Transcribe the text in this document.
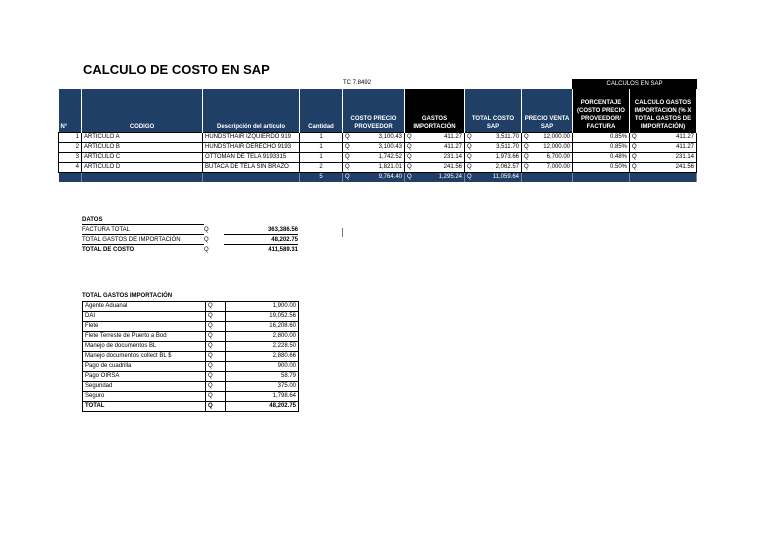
CALCULO DE COSTO EN SAP
TC 7.8492	CALCULOS EN SAP
N°	CODIGO	Descripción del artículo	Cantidad	COSTO PRECIO PROVEEDOR	GASTOS IMPORTACIÓN	TOTAL COSTO SAP	PRECIO VENTA SAP	PORCENTAJE (COSTO PRECIO PROVEEDOR/ FACTURA	CALCULO GASTOS IMPORTACION (% X TOTAL GASTOS DE IMPORTACIÓN)
1	ARTICULO A	HUNDSTHAIR IZQUIERDO 919	1	Q 3,100.43	Q 411.27	Q 3,511.70	Q 12,000.00	0.85%	Q 411.27

2	ARTICULO B	HUNDSTHAIR DERECHO 9193	1	Q 3,100.43	Q 411.27	Q 3,511.70	Q 12,000.00	0.85%	Q 411.27

3	ARTICULO C	OTTOMAN DE TELA 9193315	1	Q 1,742.52	Q 231.14	Q 1,973.66	Q 6,700.00	0.48%	Q 231.14

4	ARTICULO D	BUTACA DE TELA SIN BRAZO	2	Q 1,821.01	Q 241.56	Q 2,062.57	Q 7,000.00	0.50%	Q 241.56

			5	Q 9,764.40	Q 1,295.24	Q 11,059.64			

DATOS
FACTURA TOTAL	Q	363,386.56
TOTAL GASTOS DE IMPORTACIÓN	Q	48,202.75
TOTAL DE COSTO	Q	411,589.31
TOTAL GASTOS IMPORTACIÓN
Agente Aduanal	Q	1,900.00
DAI	Q	19,052.56
Flete	Q	16,208.60
Flete Terreste de Puerto a Bod	Q	2,800.00
Manejo de documentos BL	Q	2,228.50
Manejo documentos collect BL $	Q	2,880.66
Pago de cuadrilla	Q	900.00
Pago OIRSA	Q	58.79
Seguridad	Q	375.00
Seguro	Q	1,798.64
TOTAL	Q	48,202.75
